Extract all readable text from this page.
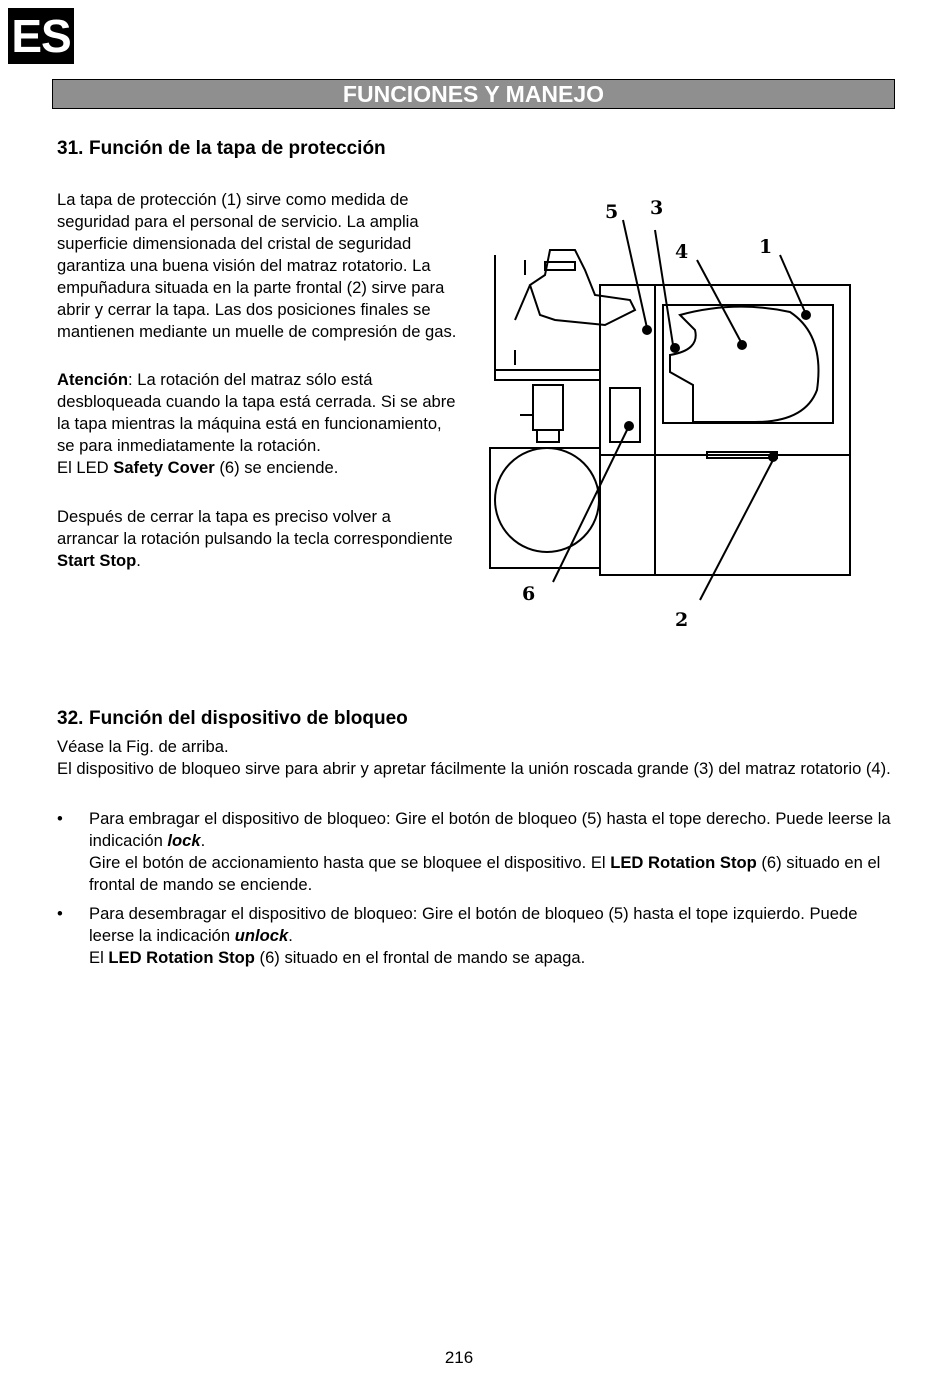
ES
FUNCIONES Y MANEJO
31. Función de la tapa de protección

La tapa de protección (1) sirve como medida de seguridad para el personal de servicio. La amplia superficie dimensionada del cristal de seguridad garantiza una buena visión del matraz rotatorio. La empuñadura situada en la parte frontal (2) sirve para abrir y cerrar la tapa. Las dos posiciones finales se mantienen mediante un muelle de compresión de gas.

Atención: La rotación del matraz sólo está desbloqueada cuando la tapa está cerrada. Si se abre la tapa mientras la máquina está en funcionamiento, se para inmediatamente la rotación.
El LED Safety Cover (6) se enciende.

Después de cerrar la tapa es preciso volver a arrancar la rotación pulsando la tecla correspondiente Start Stop.

5 3
4	1
2
6
32. Función del dispositivo de bloqueo

Véase la Fig. de arriba.
El dispositivo de bloqueo sirve para abrir y apretar fácilmente la unión roscada grande (3) del matraz rotatorio (4).

• Para embragar el dispositivo de bloqueo: Gire el botón de bloqueo (5) hasta el tope derecho. Puede leerse la indicación lock.
Gire el botón de accionamiento hasta que se bloquee el dispositivo. El LED Rotation Stop (6) situado en el frontal de mando se enciende.
• Para desembragar el dispositivo de bloqueo: Gire el botón de bloqueo (5) hasta el tope izquierdo. Puede leerse la indicación unlock.
El LED Rotation Stop (6) situado en el frontal de mando se apaga.
216
